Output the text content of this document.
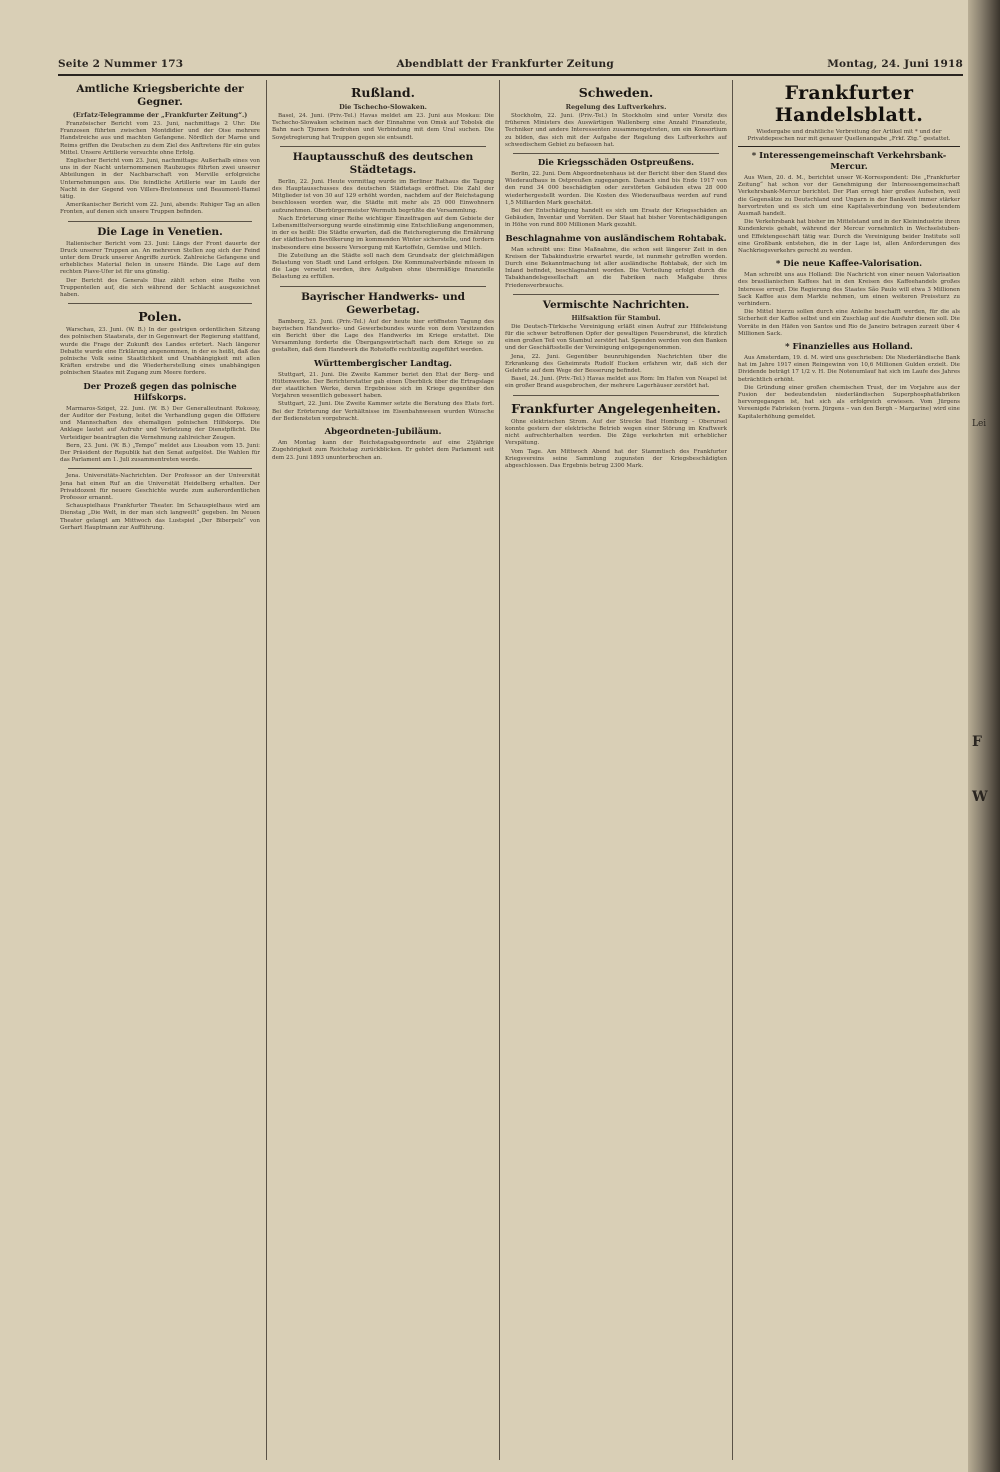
Seite 2 Nummer 173	Abendblatt der Frankfurter Zeitung	Montag, 24. Juni 1918
Amtliche Kriegsberichte der Gegner.
(Erfatz-Telegramme der „Frankfurter Zeitung“.)

Französischer Bericht vom 23. Juni, nachmittags 2 Uhr: Die Franzosen führten zwischen Montdidier und der Oise mehrere Handstreiche aus und machten Gefangene. Nördlich der Marne und Reims griffen die Deutschen zu dem Ziel des Anftretens für ein gutes Mittel. Unsere Artillerie versuchte ohne Erfolg.

Englischer Bericht vom 23. Juni, nachmittags: Außerhalb eines von uns in der Nacht unternommenen Raubzuges führten zwei unserer Abteilungen in der Nachbarschaft von Merville erfolgreiche Unternehmungen aus. Die feindliche Artillerie war im Laufe der Nacht in der Gegend von Villers-Bretonneux und Beaumont-Hamel tätig.

Amerikanischer Bericht vom 22. Juni, abends: Ruhiger Tag an allen Fronten, auf denen sich unsere Truppen befinden.

Die Lage in Venetien.

Italienischer Bericht vom 23. Juni: Längs der Front dauerte der Druck unserer Truppen an. An mehreren Stellen zog sich der Feind unter dem Druck unserer Angriffe zurück. Zahlreiche Gefangene und erhebliches Material fielen in unsere Hände. Die Lage auf dem rechten Piave-Ufer ist für uns günstig.

Der Bericht des Generals Diaz zählt schon eine Reihe von Truppenteilen auf, die sich während der Schlacht ausgezeichnet haben.

Polen.

Warschau, 23. Juni. (W. B.) In der gestrigen ordentlichen Sitzung des polnischen Staatsrats, der in Gegenwart der Regierung stattfand, wurde die Frage der Zukunft des Landes erörtert. Nach längerer Debatte wurde eine Erklärung angenommen, in der es heißt, daß das polnische Volk seine Staatlichkeit und Unabhängigkeit mit allen Kräften erstrebe und die Wiederherstellung eines unabhängigen polnischen Staates mit Zugang zum Meere fordere.

Der Prozeß gegen das polnische Hilfskorps.

Marmaros-Sziget, 22. Juni. (W. B.) Der Generalleutnant Rokossy, der Auditor der Festung, leitet die Verhandlung gegen die Offiziere und Mannschaften des ehemaligen polnischen Hilfskorps. Die Anklage lautet auf Aufruhr und Verletzung der Dienstpflicht. Die Verteidiger beantragten die Vernehmung zahlreicher Zeugen.

Bern, 23. Juni. (W. B.) „Tempo“ meldet aus Lissabon vom 15. Juni: Der Präsident der Republik hat den Senat aufgelöst. Die Wahlen für das Parlament am 1. Juli zusammentreten werde.

Jena. Universitäts-Nachrichten. Der Professor an der Universität Jena hat einen Ruf an die Universität Heidelberg erhalten. Der Privatdozent für neuere Geschichte wurde zum außerordentlichen Professor ernannt.

Schauspielhaus Frankfurter Theater. Im Schauspielhaus wird am Dienstag „Die Welt, in der man sich langweilt“ gegeben. Im Neuen Theater gelangt am Mittwoch das Lustspiel „Der Biberpelz“ von Gerhart Hauptmann zur Aufführung.

Rußland.
Die Tschecho-Slowaken.

Basel, 24. Juni. (Priv.-Tel.) Havas meldet am 23. Juni aus Moskau: Die Tschecho-Slowaken scheinen nach der Einnahme von Omsk auf Tobolsk die Bahn nach Tjumen bedrohen und Verbindung mit dem Ural suchen. Die Sowjetregierung hat Truppen gegen sie entsandt.

Hauptausschuß des deutschen Städtetags.

Berlin, 22. Juni. Heute vormittag wurde im Berliner Rathaus die Tagung des Hauptausschusses des deutschen Städtetags eröffnet. Die Zahl der Mitglieder ist von 30 auf 129 erhöht worden, nachdem auf der Reichstagung beschlossen worden war, die Städte mit mehr als 25 000 Einwohnern aufzunehmen. Oberbürgermeister Wermuth begrüßte die Versammlung.

Nach Erörterung einer Reihe wichtiger Einzelfragen auf dem Gebiete der Lebensmittelversorgung wurde einstimmig eine Entschließung angenommen, in der es heißt: Die Städte erwarten, daß die Reichsregierung die Ernährung der städtischen Bevölkerung im kommenden Winter sicherstelle, und fordern insbesondere eine bessere Versorgung mit Kartoffeln, Gemüse und Milch.

Die Zuteilung an die Städte soll nach dem Grundsatz der gleichmäßigen Belastung von Stadt und Land erfolgen. Die Kommunalverbände müssen in die Lage versetzt werden, ihre Aufgaben ohne übermäßige finanzielle Belastung zu erfüllen.

Bayrischer Handwerks- und Gewerbetag.

Bamberg, 23. Juni. (Priv.-Tel.) Auf der heute hier eröffneten Tagung des bayrischen Handwerks- und Gewerbebundes wurde von dem Vorsitzenden ein Bericht über die Lage des Handwerks im Kriege erstattet. Die Versammlung forderte die Übergangswirtschaft nach dem Kriege so zu gestalten, daß dem Handwerk die Rohstoffe rechtzeitig zugeführt werden.

Württembergischer Landtag.

Stuttgart, 21. Juni. Die Zweite Kammer beriet den Etat der Berg- und Hüttenwerke. Der Berichterstatter gab einen Überblick über die Ertragslage der staatlichen Werke, deren Ergebnisse sich im Kriege gegenüber den Vorjahren wesentlich gebessert haben.

Stuttgart, 22. Juni. Die Zweite Kammer setzte die Beratung des Etats fort. Bei der Erörterung der Verhältnisse im Eisenbahnwesen wurden Wünsche der Bediensteten vorgebracht.

Abgeordneten-Jubiläum.

Am Montag kann der Reichstagsabgeordnete auf eine 25jährige Zugehörigkeit zum Reichstag zurückblicken. Er gehört dem Parlament seit dem 23. Juni 1893 ununterbrochen an.

Schweden.
Regelung des Luftverkehrs.

Stockholm, 22. Juni. (Priv.-Tel.) In Stockholm sind unter Vorsitz des früheren Ministers des Auswärtigen Wallenberg eine Anzahl Finanzleute, Techniker und andere Interessenten zusammengetreten, um ein Konsortium zu bilden, das sich mit der Aufgabe der Regelung des Luftverkehrs auf schwedischem Gebiet zu befassen hat.

Die Kriegsschäden Ostpreußens.

Berlin, 22. Juni. Dem Abgeordnetenhaus ist der Bericht über den Stand des Wiederaufbaus in Ostpreußen zugegangen. Danach sind bis Ende 1917 von den rund 34 000 beschädigten oder zerstörten Gebäuden etwa 28 000 wiederhergestellt worden. Die Kosten des Wiederaufbaus werden auf rund 1,5 Milliarden Mark geschätzt.

Bei der Entschädigung handelt es sich um Ersatz der Kriegsschäden an Gebäuden, Inventar und Vorräten. Der Staat hat bisher Vorentschädigungen in Höhe von rund 800 Millionen Mark gezahlt.

Beschlagnahme von ausländischem Rohtabak.

Man schreibt uns: Eine Maßnahme, die schon seit längerer Zeit in den Kreisen der Tabakindustrie erwartet wurde, ist nunmehr getroffen worden. Durch eine Bekanntmachung ist aller ausländische Rohtabak, der sich im Inland befindet, beschlagnahmt worden. Die Verteilung erfolgt durch die Tabakhandelsgesellschaft an die Fabriken nach Maßgabe ihres Friedensverbrauchs.

Vermischte Nachrichten.
Hilfsaktion für Stambul.

Die Deutsch-Türkische Vereinigung erläßt einen Aufruf zur Hilfeleistung für die schwer betroffenen Opfer der gewaltigen Feuersbrunst, die kürzlich einen großen Teil von Stambul zerstört hat. Spenden werden von den Banken und der Geschäftsstelle der Vereinigung entgegengenommen.

Jena, 22. Juni. Gegenüber beunruhigenden Nachrichten über die Erkrankung des Geheimrats Rudolf Eucken erfahren wir, daß sich der Gelehrte auf dem Wege der Besserung befindet.

Basel, 24. Juni. (Priv.-Tel.) Havas meldet aus Rom: Im Hafen von Neapel ist ein großer Brand ausgebrochen, der mehrere Lagerhäuser zerstört hat.

Frankfurter Angelegenheiten.

Ohne elektrischen Strom. Auf der Strecke Bad Homburg – Oberursel konnte gestern der elektrische Betrieb wegen einer Störung im Kraftwerk nicht aufrechterhalten werden. Die Züge verkehrten mit erheblicher Verspätung.

Vom Tage. Am Mittwoch Abend hat der Stammtisch des Frankfurter Kriegsvereins seine Sammlung zugunsten der Kriegsbeschädigten abgeschlossen. Das Ergebnis betrug 2300 Mark.

Frankfurter Handelsblatt.
Wiedergabe und drahtliche Verbreitung der Artikel mit * und der Privatdepeschen nur mit genauer Quellenangabe „Frkf. Ztg.“ gestattet.
* Interessengemeinschaft Verkehrsbank-Mercur.

Aus Wien, 20. d. M., berichtet unser W.-Korrespondent: Die „Frankfurter Zeitung“ hat schon vor der Genehmigung der Interessengemeinschaft Verkehrsbank-Mercur berichtet. Der Plan erregt hier großes Aufsehen, weil die Gegensätze zu Deutschland und Ungarn in der Bankwelt immer stärker hervortreten und es sich um eine Kapitalsverbindung von bedeutendem Ausmaß handelt.

Die Verkehrsbank hat bisher im Mittelstand und in der Kleinindustrie ihren Kundenkreis gehabt, während der Mercur vornehmlich in Wechselstuben- und Effektengeschäft tätig war. Durch die Vereinigung beider Institute soll eine Großbank entstehen, die in der Lage ist, allen Anforderungen des Nachkriegsverkehrs gerecht zu werden.

* Die neue Kaffee-Valorisation.

Man schreibt uns aus Holland: Die Nachricht von einer neuen Valorisation des brasilianischen Kaffees hat in den Kreisen des Kaffeehandels großes Interesse erregt. Die Regierung des Staates São Paulo will etwa 3 Millionen Sack Kaffee aus dem Markte nehmen, um einen weiteren Preissturz zu verhindern.

Die Mittel hierzu sollen durch eine Anleihe beschafft werden, für die als Sicherheit der Kaffee selbst und ein Zuschlag auf die Ausfuhr dienen soll. Die Vorräte in den Häfen von Santos und Rio de Janeiro betragen zurzeit über 4 Millionen Sack.

* Finanzielles aus Holland.

Aus Amsterdam, 19. d. M. wird uns geschrieben: Die Niederländische Bank hat im Jahre 1917 einen Reingewinn von 10,6 Millionen Gulden erzielt. Die Dividende beträgt 17 1/2 v. H. Die Notenumlauf hat sich im Laufe des Jahres beträchtlich erhöht.

Die Gründung einer großen chemischen Trust, der im Vorjahre aus der Fusion der bedeutendsten niederländischen Superphosphatfabriken hervorgegangen ist, hat sich als erfolgreich erwiesen. Vom Jürgens Vereenigde Fabrieken (vorm. Jürgens – van den Bergh – Margarine) wird eine Kapitalerhöhung gemeldet.

Lei
F
W
